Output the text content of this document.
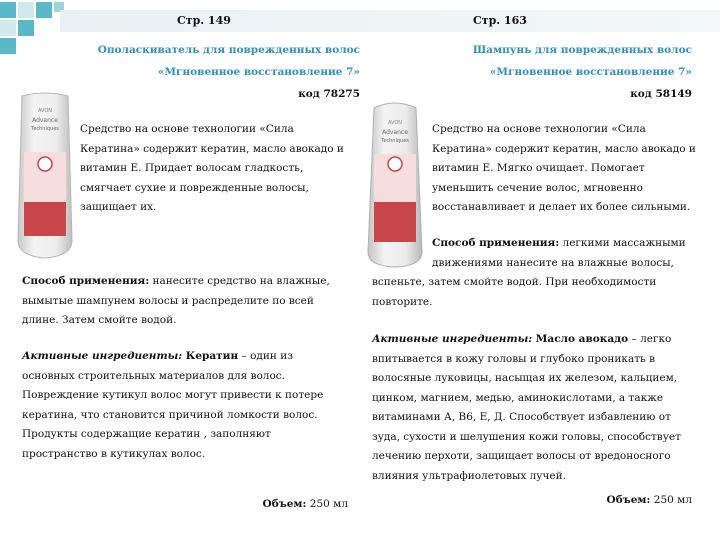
Стр. 149
Ополаскиватель для поврежденных волос
«Мгновенное восстановление 7»
код 78275
AVON
Advance
Techniques Средство на основе технологии «Сила Кератина» содержит кератин, масло авокадо и витамин Е. Придает волосам гладкость, смягчает сухие и поврежденные волосы, защищает их.
Способ применения: нанесите средство на влажные, вымытые шампунем волосы и распределите по всей длине. Затем смойте водой.
Активные ингредиенты: Кератин – один из основных строительных материалов для волос. Повреждение кутикул волос могут привести к потере кератина, что становится причиной ломкости волос. Продукты содержащие кератин , заполняют пространство в кутикулах волос.
Объем: 250 мл
Стр. 163
Шампунь для поврежденных волос
«Мгновенное восстановление 7»
код 58149
AVON
Advance
Techniques
Средство на основе технологии «Сила Кератина» содержит кератин, масло авокадо и витамин Е. Мягко очищает. Помогает уменьшить сечение волос, мгновенно восстанавливает и делает их более сильными.
Способ применения: легкими массажными движениями нанесите на влажные волосы,
вспеньте, затем смойте водой. При необходимости повторите.
Активные ингредиенты: Масло авокадо – легко впитывается в кожу головы и глубоко проникать в волосяные луковицы, насыщая их железом, кальцием, цинком, магнием, медью, аминокислотами, а также витаминами А, В6, Е, Д. Способствует избавлению от зуда, сухости и шелушения кожи головы, способствует лечению перхоти, защищает волосы от вредоносного влияния ультрафиолетовых лучей.
Объем: 250 мл
